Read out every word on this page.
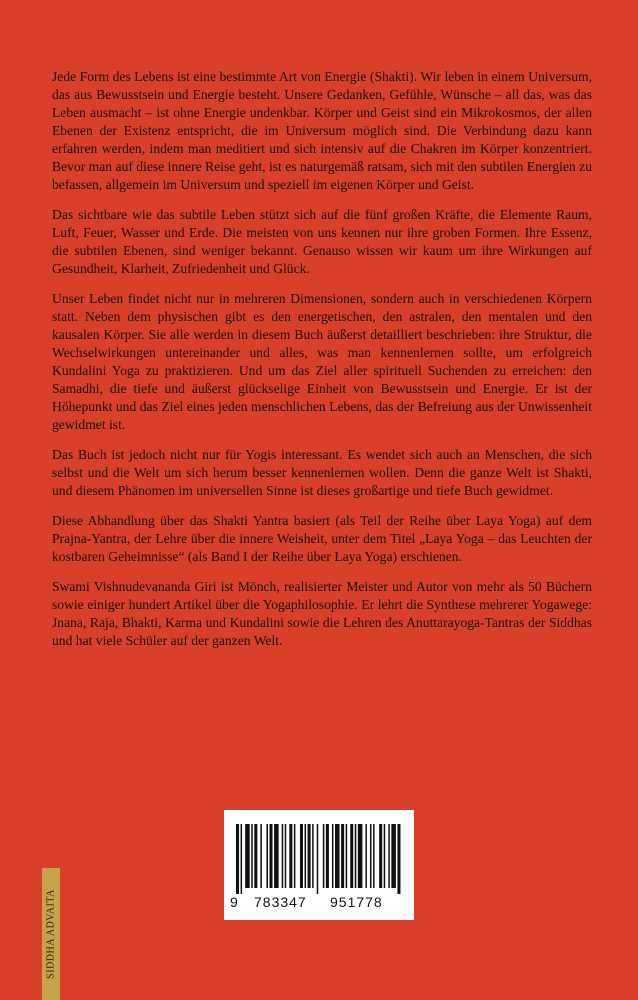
Jede Form des Lebens ist eine bestimmte Art von Energie (Shakti). Wir leben in einem Universum, das aus Bewusstsein und Energie besteht. Unsere Gedanken, Gefühle, Wünsche – all das, was das Leben ausmacht – ist ohne Energie undenkbar. Körper und Geist sind ein Mikrokosmos, der allen Ebenen der Existenz entspricht, die im Universum möglich sind. Die Verbindung dazu kann erfahren werden, indem man meditiert und sich intensiv auf die Chakren im Körper konzentriert. Bevor man auf diese innere Reise geht, ist es naturgemäß ratsam, sich mit den subtilen Energien zu befassen, allgemein im Universum und speziell im eigenen Körper und Geist.

Das sichtbare wie das subtile Leben stützt sich auf die fünf großen Kräfte, die Elemente Raum, Luft, Feuer, Wasser und Erde. Die meisten von uns kennen nur ihre groben Formen. Ihre Essenz, die subtilen Ebenen, sind weniger bekannt. Genauso wissen wir kaum um ihre Wirkungen auf Gesundheit, Klarheit, Zufriedenheit und Glück.

Unser Leben findet nicht nur in mehreren Dimensionen, sondern auch in verschiedenen Körpern statt. Neben dem physischen gibt es den energetischen, den astralen, den mentalen und den kausalen Körper. Sie alle werden in diesem Buch äußerst detailliert beschrieben: ihre Struktur, die Wechselwirkungen untereinander und alles, was man kennenlernen sollte, um erfolgreich Kundalini Yoga zu praktizieren. Und um das Ziel aller spirituell Suchenden zu erreichen: den Samadhi, die tiefe und äußerst glückselige Einheit von Bewusstsein und Energie. Er ist der Höhepunkt und das Ziel eines jeden menschlichen Lebens, das der Befreiung aus der Unwissenheit gewidmet ist.

Das Buch ist jedoch nicht nur für Yogis interessant. Es wendet sich auch an Menschen, die sich selbst und die Welt um sich herum besser kennenlernen wollen. Denn die ganze Welt ist Shakti, und diesem Phänomen im universellen Sinne ist dieses großartige und tiefe Buch gewidmet.

Diese Abhandlung über das Shakti Yantra basiert (als Teil der Reihe über Laya Yoga) auf dem Prajna-Yantra, der Lehre über die innere Weisheit, unter dem Titel „Laya Yoga – das Leuchten der kostbaren Geheimnisse“ (als Band I der Reihe über Laya Yoga) erschienen.

Swami Vishnudevananda Giri ist Mönch, realisierter Meister und Autor von mehr als 50 Büchern sowie einiger hundert Artikel über die Yogaphilosophie. Er lehrt die Synthese mehrerer Yogawege: Jnana, Raja, Bhakti, Karma und Kundalini sowie die Lehren des Anuttarayoga-Tantras der Siddhas und hat viele Schüler auf der ganzen Welt.

9 783347 951778
SIDDHA ADVAITA
